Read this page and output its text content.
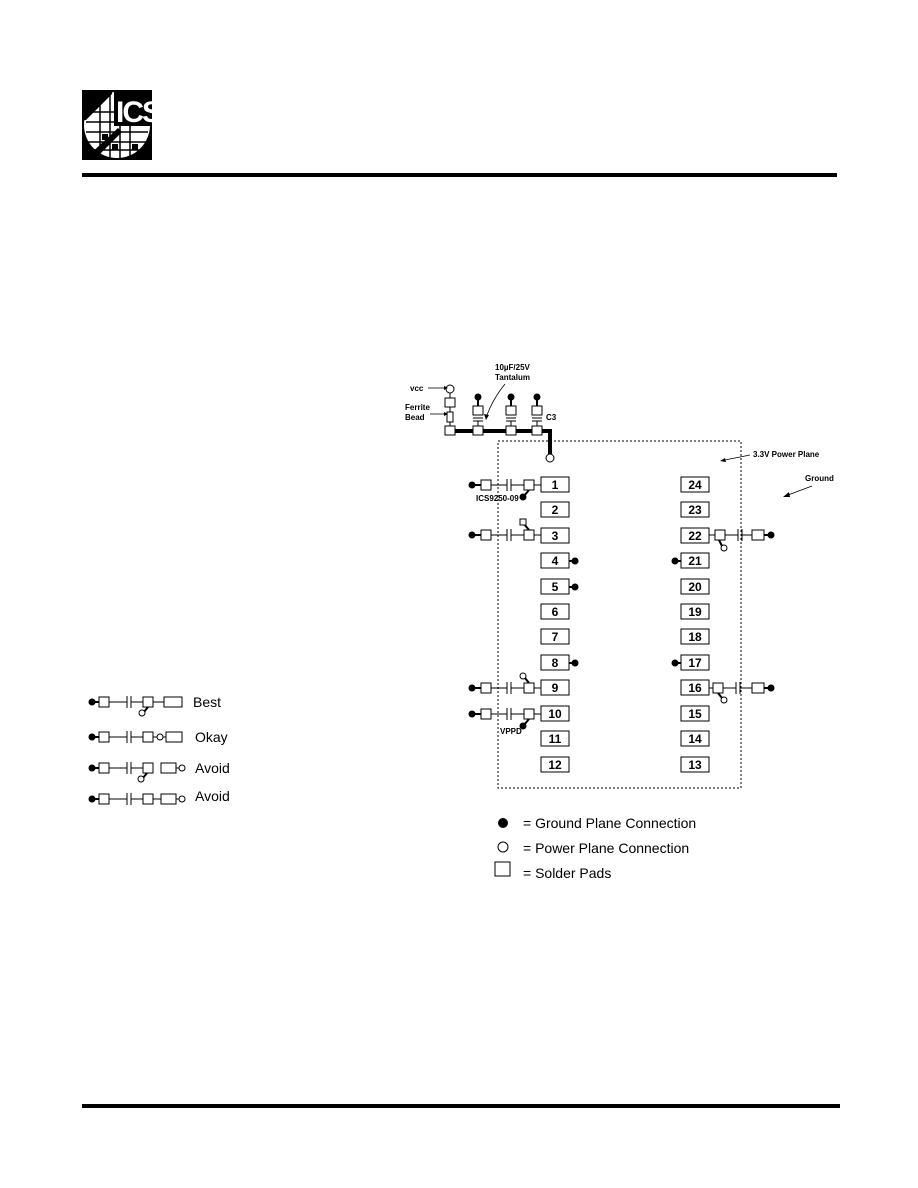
ICS
10µF/25V
Tantalum
vcc
Ferrite
Bead	C3
3.3V Power Plane
Ground
1
2
3
4
5
6
7
8
9
10
11
12
24
23
22
21
20
19
18
17
16
15
14
13
ICS9250-09
VPPD
Best
Okay
Avoid
Avoid
= Ground Plane Connection
= Power Plane Connection
= Solder Pads
